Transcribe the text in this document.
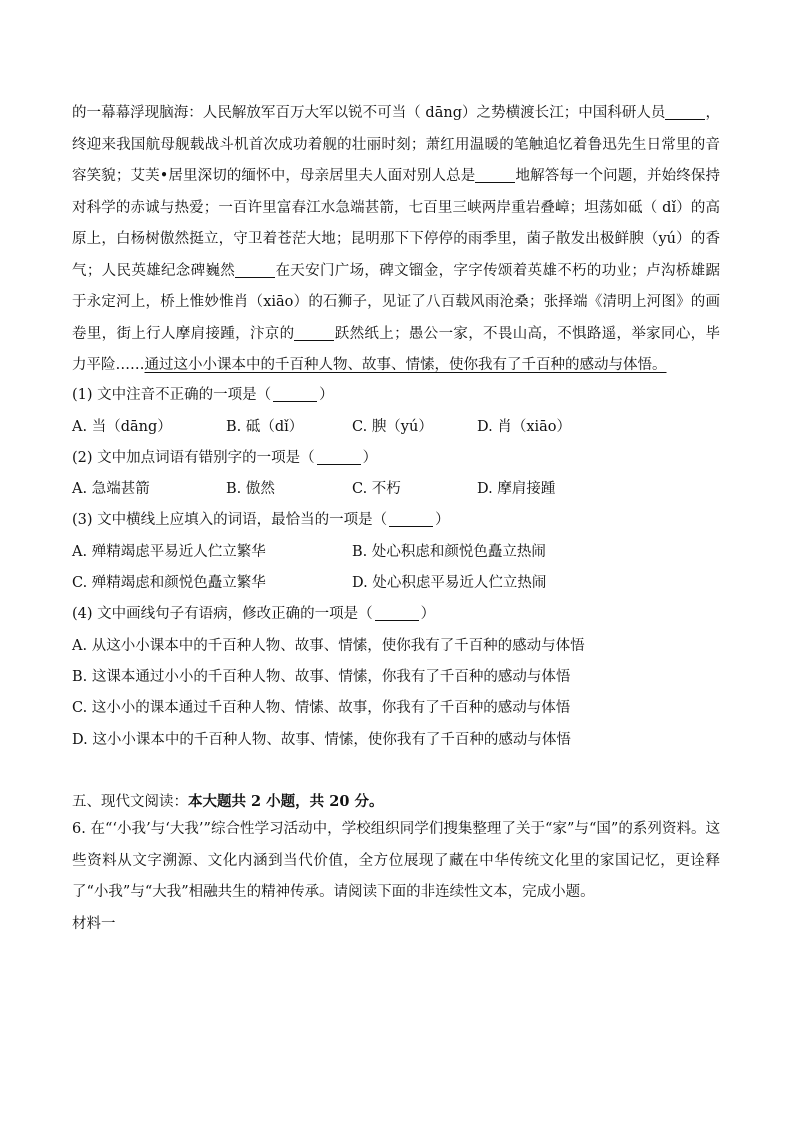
的一幕幕浮现脑海：人民解放军百万大军以锐不可当（ dāng）之势横渡长江；中国科研人员	，终迎来我国航母舰载战斗机首次成功着舰的壮丽时刻；萧红用温暖的笔触追忆着鲁迅先生日常里的音容笑貌；艾芙•居里深切的缅怀中，母亲居里夫人面对别人总是	地解答每一个问题，并始终保持对科学的赤诚与热爱；一百许里富春江水急端甚箭，七百里三峡两岸重岩叠嶂；坦荡如砥（ dǐ）的高原上，白杨树傲然挺立，守卫着苍茫大地；昆明那下下停停的雨季里，菌子散发出极鲜腴（yú）的香气；人民英雄纪念碑巍然	在天安门广场，碑文镏金，字字传颂着英雄不朽的功业；卢沟桥雄踞于永定河上，桥上惟妙惟肖（xiāo）的石狮子，见证了八百载风雨沧桑；张择端《清明上河图》的画卷里，街上行人摩肩接踵，汴京的	跃然纸上；愚公一家，不畏山高，不惧路遥，举家同心，毕力平险……通过这小小课本中的千百种人物、故事、情愫，使你我有了千百种的感动与体悟。
(1) 文中注音不正确的一项是（	）
A. 当（dāng）	B. 砥（dǐ）	C. 腴（yú）	D. 肖（xiāo）
(2) 文中加点词语有错别字的一项是（	）
A. 急端甚箭	B. 傲然	C. 不朽	D. 摩肩接踵
(3) 文中横线上应填入的词语，最恰当的一项是（	）
A. 殚精竭虑平易近人伫立繁华	B. 处心积虑和颜悦色矗立热闹
C. 殚精竭虑和颜悦色矗立繁华	D. 处心积虑平易近人伫立热闹
(4) 文中画线句子有语病，修改正确的一项是（	）
A. 从这小小课本中的千百种人物、故事、情愫，使你我有了千百种的感动与体悟
B. 这课本通过小小的千百种人物、故事、情愫，你我有了千百种的感动与体悟
C. 这小小的课本通过千百种人物、情愫、故事，你我有了千百种的感动与体悟
D. 这小小课本中的千百种人物、故事、情愫，使你我有了千百种的感动与体悟
五、现代文阅读：本大题共 2 小题，共 20 分。
6. 在“‘小我’与‘大我’”综合性学习活动中，学校组织同学们搜集整理了关于“家”与“国”的系列资料。这些资料从文字溯源、文化内涵到当代价值，全方位展现了藏在中华传统文化里的家国记忆，更诠释了“小我”与“大我”相融共生的精神传承。请阅读下面的非连续性文本，完成小题。
材料一
